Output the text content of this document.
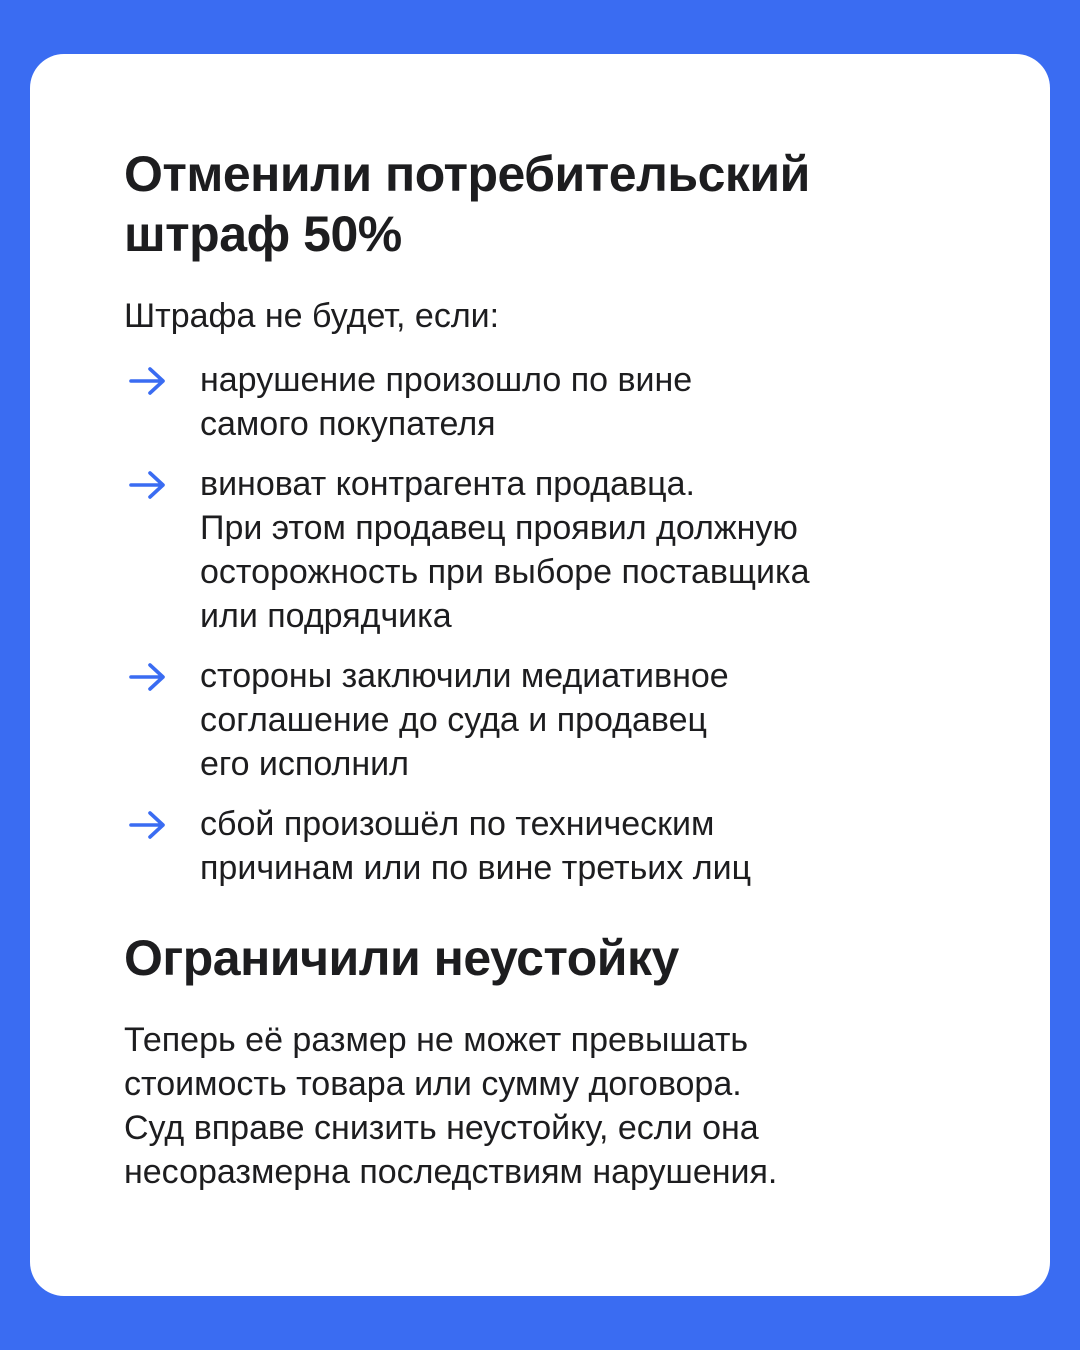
Отменили потребительский
штраф 50%

Штрафа не будет, если:

нарушение произошло по вине
самого покупателя
виноват контрагента продавца.
При этом продавец проявил должную
осторожность при выборе поставщика
или подрядчика
стороны заключили медиативное
соглашение до суда и продавец
его исполнил
сбой произошёл по техническим
причинам или по вине третьих лиц
Ограничили неустойку
Теперь её размер не может превышать
стоимость товара или сумму договора.
Суд вправе снизить неустойку, если она
несоразмерна последствиям нарушения.
